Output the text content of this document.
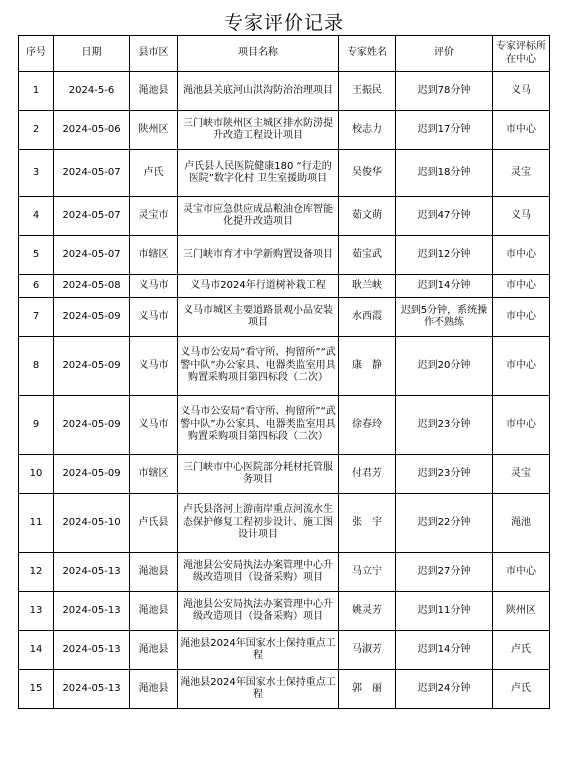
专家评价记录
序号	日期	县市区	项目名称	专家姓名	评价	专家评标所在中心
1	2024-5-6	渑池县	渑池县关底河山洪沟防治治理项目	王振民	迟到78分钟	义马
2	2024-05-06	陕州区	三门峡市陕州区主城区排水防涝提升改造工程设计项目	校志力	迟到17分钟	市中心
3	2024-05-07	卢氏	卢氏县人民医院健康180 “行走的医院”数字化村 卫生室援助项目	吴俊华	迟到18分钟	灵宝
4	2024-05-07	灵宝市	灵宝市应急供应成品粮油仓库智能化提升改造项目	茹文萌	迟到47分钟	义马
5	2024-05-07	市辖区	三门峡市育才中学新购置设备项目	茹宝武	迟到12分钟	市中心
6	2024-05-08	义马市	义马市2024年行道树补栽工程	耿兰峡	迟到14分钟	市中心
7	2024-05-09	义马市	义马市城区主要道路景观小品安装项目	水西霞	迟到5分钟，系统操作不熟练	市中心
8	2024-05-09	义马市	义马市公安局“看守所、拘留所”“武警中队”办公家具、电器类监室用具购置采购项目第四标段（二次）	康　静	迟到20分钟	市中心
9	2024-05-09	义马市	义马市公安局“看守所、拘留所”“武警中队”办公家具、电器类监室用具购置采购项目第四标段（二次）	徐春玲	迟到23分钟	市中心
10	2024-05-09	市辖区	三门峡市中心医院部分耗材托管服务项目	付君芳	迟到23分钟	灵宝
11	2024-05-10	卢氏县	卢氏县洛河上游南岸重点河流水生态保护修复工程初步设计、施工图设计项目	张　宇	迟到22分钟	渑池
12	2024-05-13	渑池县	渑池县公安局执法办案管理中心升级改造项目（设备采购）项目	马立宁	迟到27分钟	市中心
13	2024-05-13	渑池县	渑池县公安局执法办案管理中心升级改造项目（设备采购）项目	姚灵芳	迟到11分钟	陕州区
14	2024-05-13	渑池县	渑池县2024年国家水土保持重点工程	马淑芳	迟到14分钟	卢氏
15	2024-05-13	渑池县	渑池县2024年国家水土保持重点工程	郭　丽	迟到24分钟	卢氏
